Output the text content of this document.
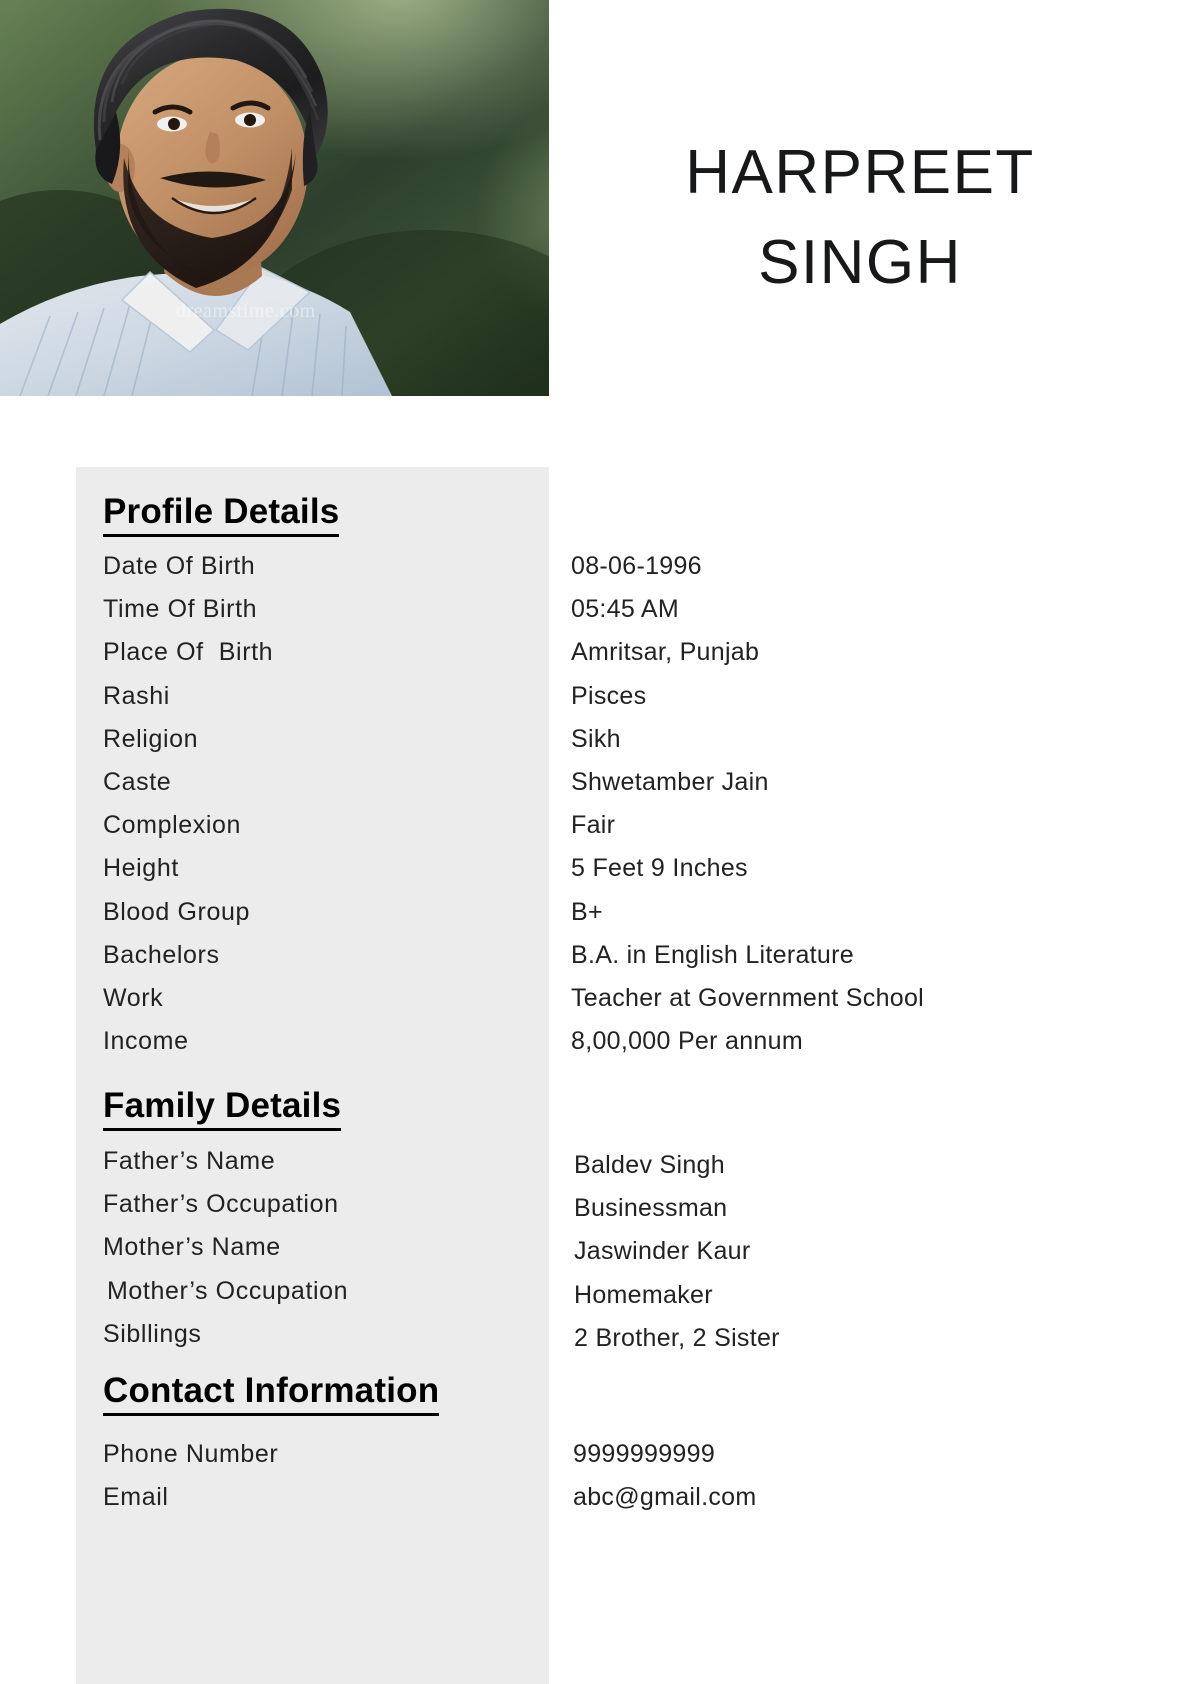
dreamstime.com
HARPREET
SINGH
Profile Details
Date Of Birth	08-06-1996
Time Of Birth	05:45 AM
Place Of  Birth	Amritsar, Punjab
Rashi	Pisces
Religion	Sikh
Caste	Shwetamber Jain
Complexion	Fair
Height	5 Feet 9 Inches
Blood Group	B+
Bachelors	B.A. in English Literature
Work	Teacher at Government School
Income	8,00,000 Per annum
Family Details
Father’s Name	Baldev Singh
Father’s Occupation	Businessman
Mother’s Name	Jaswinder Kaur
Mother’s Occupation	Homemaker
Sibllings	2 Brother, 2 Sister
Contact Information
Phone Number	9999999999
Email	abc@gmail.com
